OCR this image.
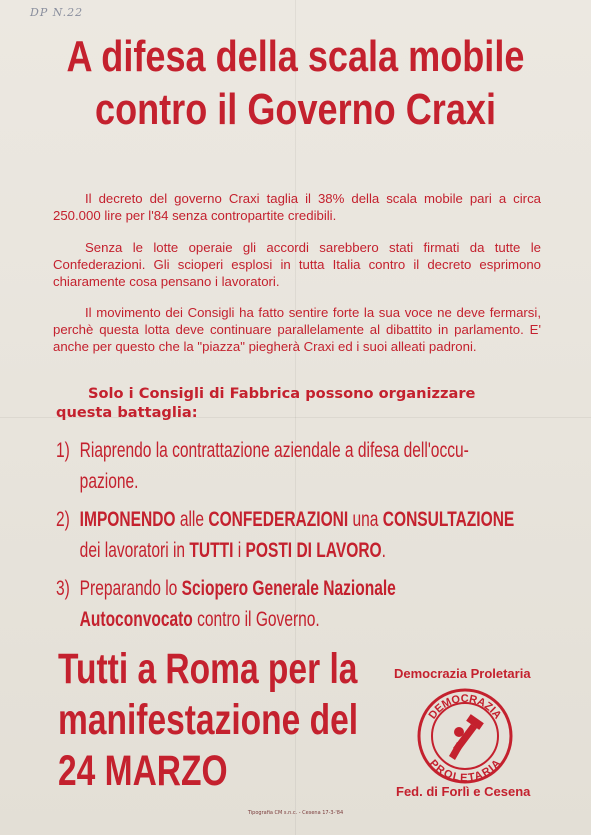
DP N.22
A difesa della scala mobile
contro il Governo Craxi
Il decreto del governo Craxi taglia il 38% della scala mobile pari a circa 250.000 lire per l'84 senza contropartite credibili.
Senza le lotte operaie gli accordi sarebbero stati firmati da tutte le Confederazioni. Gli scioperi esplosi in tutta Italia contro il decreto esprimono chiaramente cosa pensano i lavoratori.
Il movimento dei Consigli ha fatto sentire forte la sua voce ne deve fermarsi, perchè questa lotta deve continuare parallelamente al dibattito in parlamento. E' anche per questo che la "piazza" piegherà Craxi ed i suoi alleati padroni.
Solo i Consigli di Fabbrica possono organizzare
questa battaglia:
1) Riaprendo la contrattazione aziendale a difesa dell'occu-
pazione.
2) IMPONENDO alle CONFEDERAZIONI una CONSULTAZIONE
dei lavoratori in TUTTI i POSTI DI LAVORO.
3) Preparando lo Sciopero Generale Nazionale
Autoconvocato contro il Governo.
Tutti a Roma per la
manifestazione del
24 MARZO
Democrazia Proletaria
DEMOCRAZIA
PROLETARIA
Fed. di Forlì e Cesena
Tipografia CM s.n.c. - Cesena 17-3-'84
